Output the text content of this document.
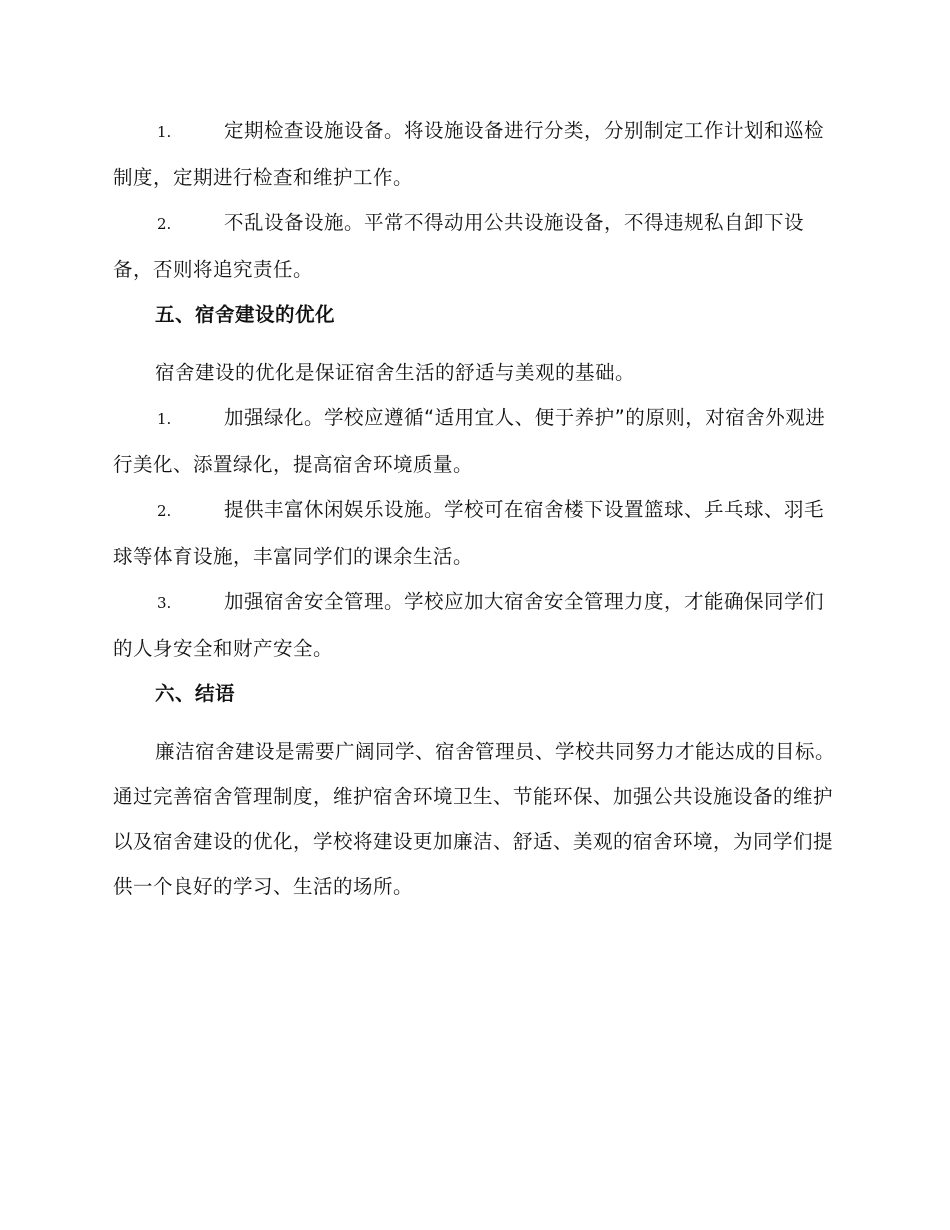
1.	定期检查设施设备。将设施设备进行分类，分别制定工作计划和巡检制度，定期进行检查和维护工作。

2.	不乱设备设施。平常不得动用公共设施设备，不得违规私自卸下设备，否则将追究责任。

五、宿舍建设的优化

宿舍建设的优化是保证宿舍生活的舒适与美观的基础。

1.	加强绿化。学校应遵循“适用宜人、便于养护”的原则，对宿舍外观进行美化、添置绿化，提高宿舍环境质量。

2.	提供丰富休闲娱乐设施。学校可在宿舍楼下设置篮球、乒乓球、羽毛球等体育设施，丰富同学们的课余生活。

3.	加强宿舍安全管理。学校应加大宿舍安全管理力度，才能确保同学们的人身安全和财产安全。

六、结语

廉洁宿舍建设是需要广阔同学、宿舍管理员、学校共同努力才能达成的目标。通过完善宿舍管理制度，维护宿舍环境卫生、节能环保、加强公共设施设备的维护以及宿舍建设的优化，学校将建设更加廉洁、舒适、美观的宿舍环境，为同学们提供一个良好的学习、生活的场所。
